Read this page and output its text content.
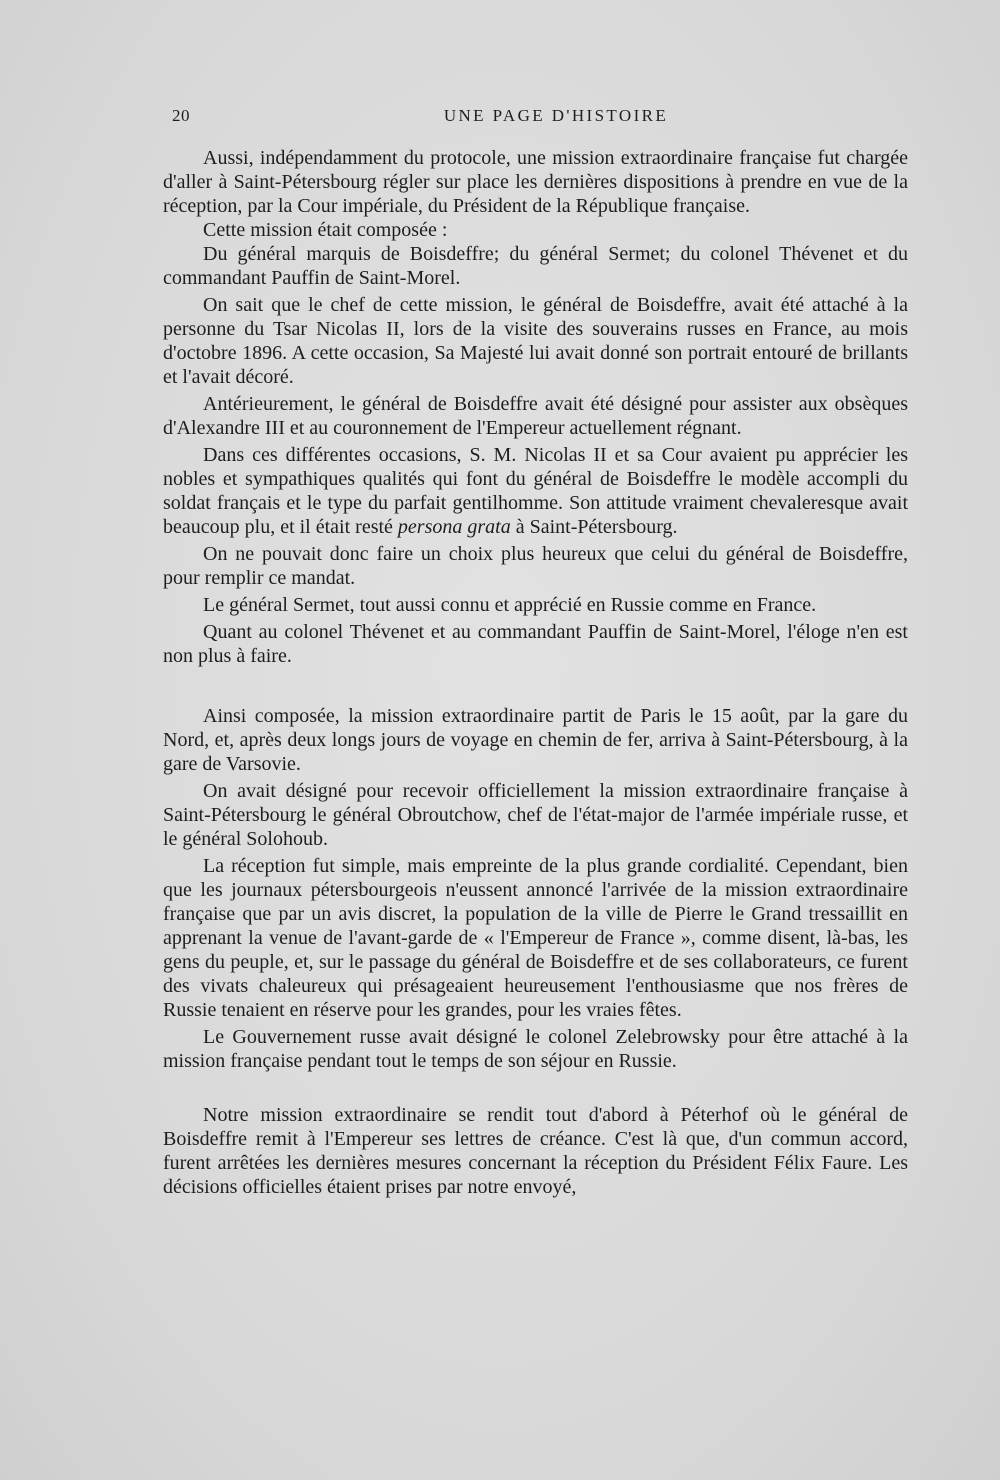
20	UNE PAGE D'HISTOIRE

Aussi, indépendamment du protocole, une mission extraordinaire française fut chargée d'aller à Saint-Pétersbourg régler sur place les dernières dispositions à prendre en vue de la réception, par la Cour impériale, du Président de la République française.

Cette mission était composée :

Du général marquis de Boisdeffre; du général Sermet; du colonel Thévenet et du commandant Pauffin de Saint-Morel.

On sait que le chef de cette mission, le général de Boisdeffre, avait été attaché à la personne du Tsar Nicolas II, lors de la visite des souverains russes en France, au mois d'octobre 1896. A cette occasion, Sa Majesté lui avait donné son portrait entouré de brillants et l'avait décoré.

Antérieurement, le général de Boisdeffre avait été désigné pour assister aux obsèques d'Alexandre III et au couronnement de l'Empereur actuellement régnant.

Dans ces différentes occasions, S. M. Nicolas II et sa Cour avaient pu apprécier les nobles et sympathiques qualités qui font du général de Boisdeffre le modèle accompli du soldat français et le type du parfait gentilhomme. Son attitude vraiment chevaleresque avait beaucoup plu, et il était resté persona grata à Saint-Pétersbourg.

On ne pouvait donc faire un choix plus heureux que celui du général de Boisdeffre, pour remplir ce mandat.

Le général Sermet, tout aussi connu et apprécié en Russie comme en France.

Quant au colonel Thévenet et au commandant Pauffin de Saint-Morel, l'éloge n'en est non plus à faire.

Ainsi composée, la mission extraordinaire partit de Paris le 15 août, par la gare du Nord, et, après deux longs jours de voyage en chemin de fer, arriva à Saint-Pétersbourg, à la gare de Varsovie.

On avait désigné pour recevoir officiellement la mission extraordinaire française à Saint-Pétersbourg le général Obroutchow, chef de l'état-major de l'armée impériale russe, et le général Solohoub.

La réception fut simple, mais empreinte de la plus grande cordialité. Cependant, bien que les journaux pétersbourgeois n'eussent annoncé l'arrivée de la mission extraordinaire française que par un avis discret, la population de la ville de Pierre le Grand tressaillit en apprenant la venue de l'avant-garde de « l'Empereur de France », comme disent, là-bas, les gens du peuple, et, sur le passage du général de Boisdeffre et de ses collaborateurs, ce furent des vivats chaleureux qui présageaient heureusement l'enthousiasme que nos frères de Russie tenaient en réserve pour les grandes, pour les vraies fêtes.

Le Gouvernement russe avait désigné le colonel Zelebrowsky pour être attaché à la mission française pendant tout le temps de son séjour en Russie.

Notre mission extraordinaire se rendit tout d'abord à Péterhof où le général de Boisdeffre remit à l'Empereur ses lettres de créance. C'est là que, d'un commun accord, furent arrêtées les dernières mesures concernant la réception du Président Félix Faure. Les décisions officielles étaient prises par notre envoyé,
